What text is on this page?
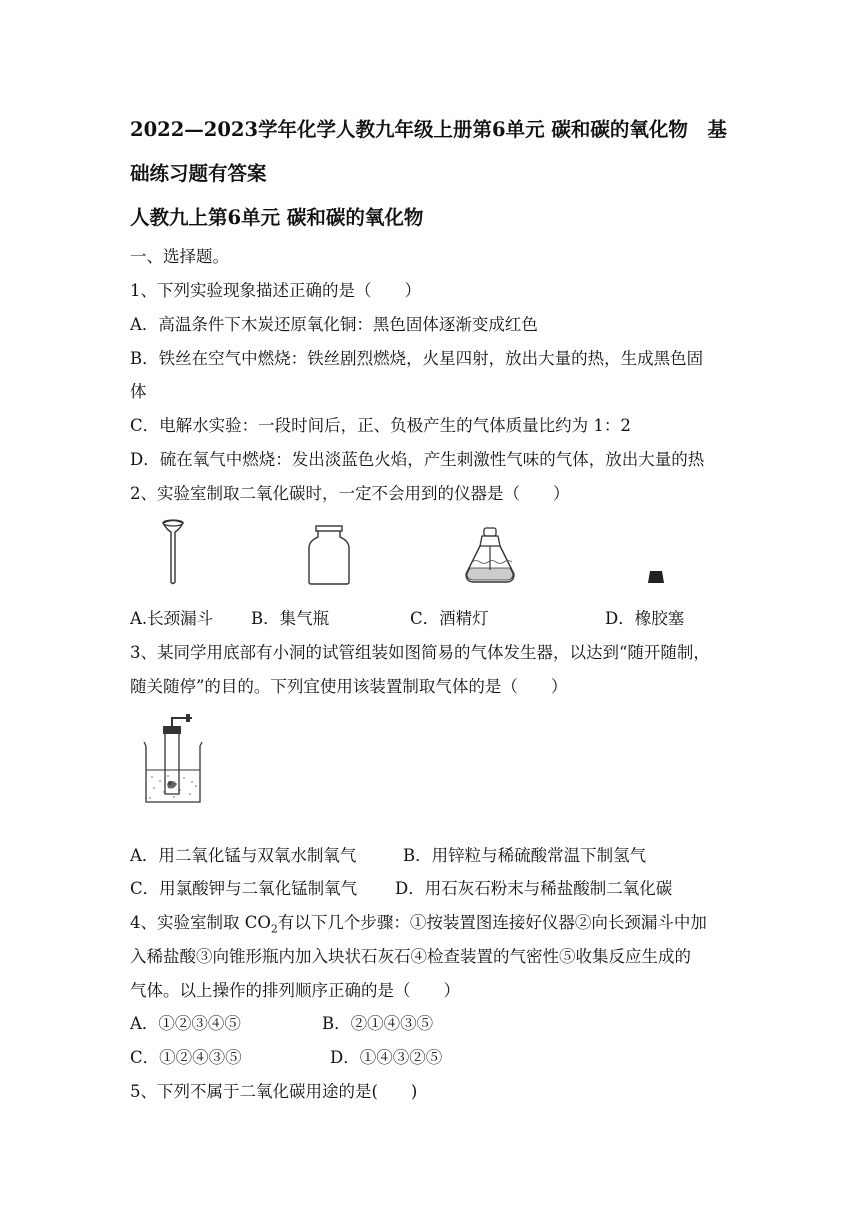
2022—2023学年化学人教九年级上册第6单元 碳和碳的氧化物　基
础练习题有答案
人教九上第6单元 碳和碳的氧化物
一、选择题。
1、下列实验现象描述正确的是（　　）
A．高温条件下木炭还原氧化铜：黑色固体逐渐变成红色
B．铁丝在空气中燃烧：铁丝剧烈燃烧，火星四射，放出大量的热，生成黑色固
体
C．电解水实验：一段时间后，正、负极产生的气体质量比约为 1：2
D．硫在氧气中燃烧：发出淡蓝色火焰，产生刺激性气味的气体，放出大量的热
2、实验室制取二氧化碳时，一定不会用到的仪器是（　　）
A.长颈漏斗 B．集气瓶	C．酒精灯	D．橡胶塞
3、某同学用底部有小洞的试管组装如图简易的气体发生器，以达到“随开随制，
随关随停”的目的。下列宜使用该装置制取气体的是（　　）
A．用二氧化锰与双氧水制氧气	B．用锌粒与稀硫酸常温下制氢气
C．用氯酸钾与二氧化锰制氧气 D．用石灰石粉末与稀盐酸制二氧化碳
4、实验室制取 $CO_2$有以下几个步骤：①按装置图连接好仪器②向长颈漏斗中加
入稀盐酸③向锥形瓶内加入块状石灰石④检查装置的气密性⑤收集反应生成的
气体。以上操作的排列顺序正确的是（　　）
A．①②③④⑤	B．②①④③⑤
C．①②④③⑤	D．①④③②⑤
5、下列不属于二氧化碳用途的是(　　)
